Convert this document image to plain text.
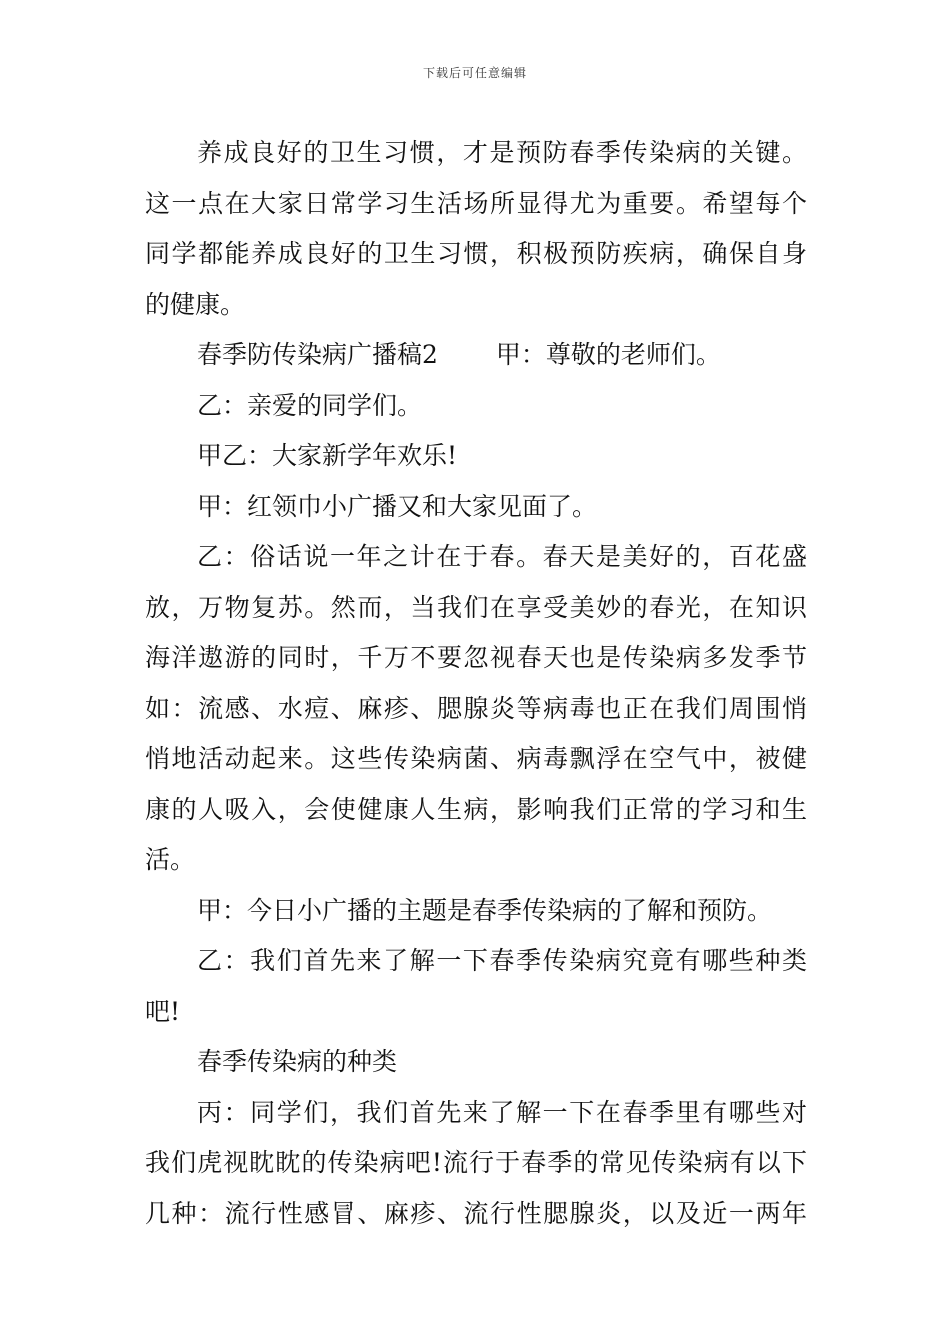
下载后可任意编辑
养成良好的卫生习惯，才是预防春季传染病的关键。
这一点在大家日常学习生活场所显得尤为重要。希望每个
同学都能养成良好的卫生习惯，积极预防疾病，确保自身
的健康。
春季防传染病广播稿2 甲：尊敬的老师们。
乙：亲爱的同学们。
甲乙：大家新学年欢乐!
甲：红领巾小广播又和大家见面了。
乙：俗话说一年之计在于春。春天是美好的，百花盛
放，万物复苏。然而，当我们在享受美妙的春光，在知识
海洋遨游的同时，千万不要忽视春天也是传染病多发季节
如：流感、水痘、麻疹、腮腺炎等病毒也正在我们周围悄
悄地活动起来。这些传染病菌、病毒飘浮在空气中，被健
康的人吸入，会使健康人生病，影响我们正常的学习和生
活。
甲：今日小广播的主题是春季传染病的了解和预防。
乙：我们首先来了解一下春季传染病究竟有哪些种类
吧!
春季传染病的种类
丙：同学们，我们首先来了解一下在春季里有哪些对
我们虎视眈眈的传染病吧!流行于春季的常见传染病有以下
几种：流行性感冒、麻疹、流行性腮腺炎，以及近一两年
